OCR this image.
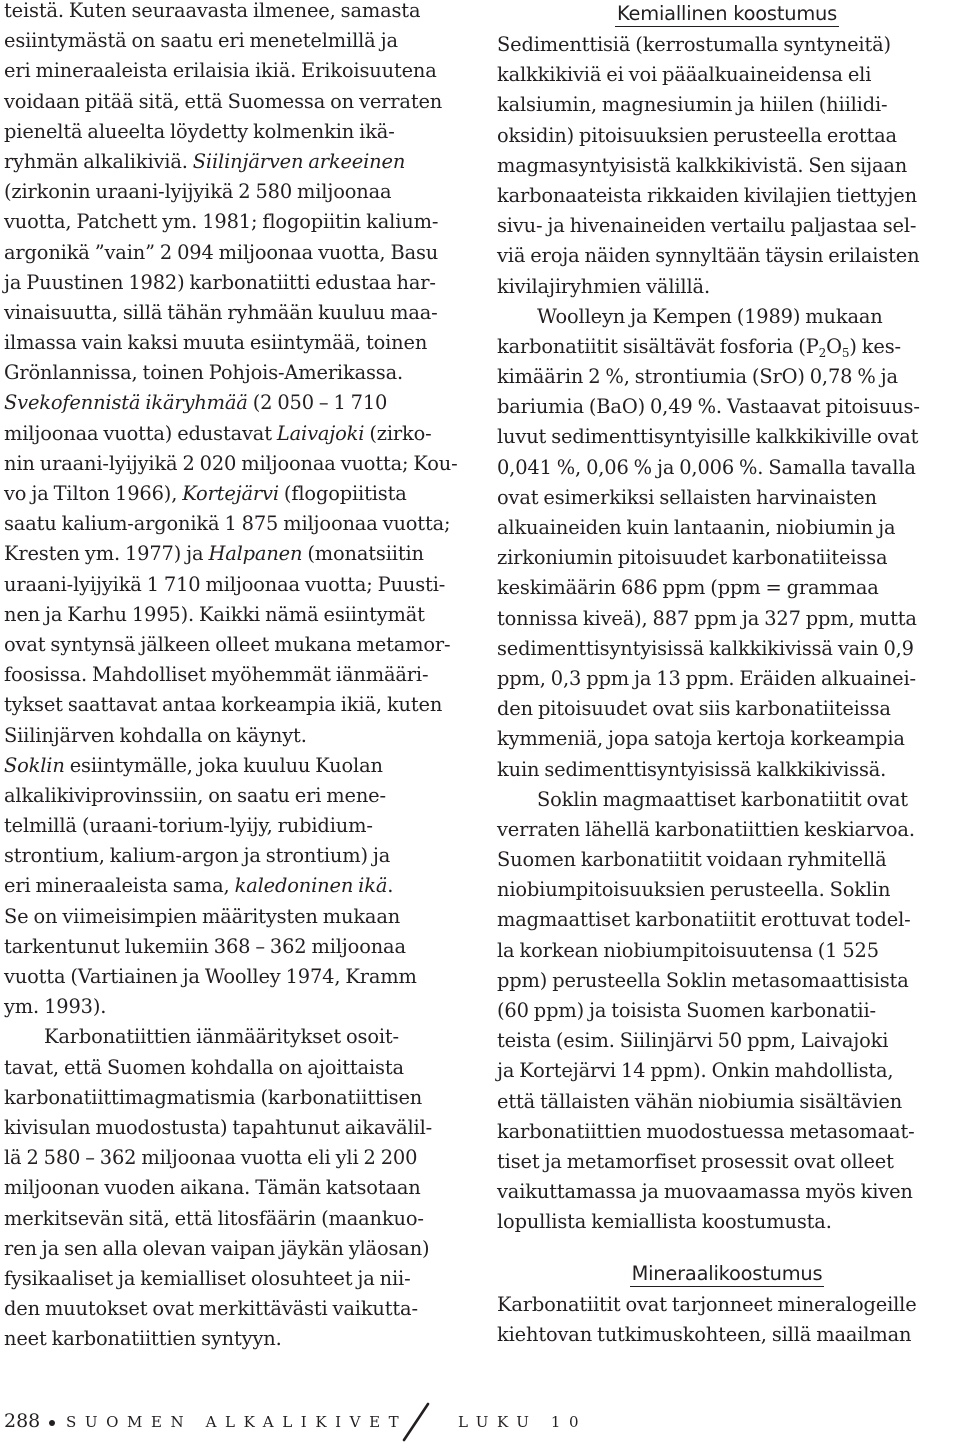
teistä. Kuten seuraavasta ilmenee, samasta
esiintymästä on saatu eri menetelmillä ja
eri mineraaleista erilaisia ikiä. Erikoisuutena
voidaan pitää sitä, että Suomessa on verraten
pieneltä alueelta löydetty kolmenkin ikä-
ryhmän alkalikiviä. Siilinjärven arkeeinen
(zirkonin uraani-lyijyikä 2 580 miljoonaa
vuotta, Patchett ym. 1981; flogopiitin kalium-
argonikä ”vain” 2 094 miljoonaa vuotta, Basu
ja Puustinen 1982) karbonatiitti edustaa har-
vinaisuutta, sillä tähän ryhmään kuuluu maa-
ilmassa vain kaksi muuta esiintymää, toinen
Grönlannissa, toinen Pohjois-Amerikassa.
Svekofennistä ikäryhmää (2 050 – 1 710
miljoonaa vuotta) edustavat Laivajoki (zirko-
nin uraani-lyijyikä 2 020 miljoonaa vuotta; Kou-
vo ja Tilton 1966), Kortejärvi (flogopiitista
saatu kalium-argonikä 1 875 miljoonaa vuotta;
Kresten ym. 1977) ja Halpanen (monatsiitin
uraani-lyijyikä 1 710 miljoonaa vuotta; Puusti-
nen ja Karhu 1995). Kaikki nämä esiintymät
ovat syntynsä jälkeen olleet mukana metamor-
foosissa. Mahdolliset myöhemmät iänmääri-
tykset saattavat antaa korkeampia ikiä, kuten
Siilinjärven kohdalla on käynyt.
Soklin esiintymälle, joka kuuluu Kuolan
alkalikiviprovinssiin, on saatu eri mene-
telmillä (uraani-torium-lyijy, rubidium-
strontium, kalium-argon ja strontium) ja
eri mineraaleista sama, kaledoninen ikä.
Se on viimeisimpien määritysten mukaan
tarkentunut lukemiin 368 – 362 miljoonaa
vuotta (Vartiainen ja Woolley 1974, Kramm
ym. 1993).
Karbonatiittien iänmääritykset osoit-
tavat, että Suomen kohdalla on ajoittaista
karbonatiittimagmatismia (karbonatiittisen
kivisulan muodostusta) tapahtunut aikavälil-
lä 2 580 – 362 miljoonaa vuotta eli yli 2 200
miljoonan vuoden aikana. Tämän katsotaan
merkitsevän sitä, että litosfäärin (maankuo-
ren ja sen alla olevan vaipan jäykän yläosan)
fysikaaliset ja kemialliset olosuhteet ja nii-
den muutokset ovat merkittävästi vaikutta-
neet karbonatiittien syntyyn.
Kemiallinen koostumus
Sedimenttisiä (kerrostumalla syntyneitä)
kalkkikiviä ei voi pääalkuaineidensa eli
kalsiumin, magnesiumin ja hiilen (hiilidi-
oksidin) pitoisuuksien perusteella erottaa
magmasyntyisistä kalkkikivistä. Sen sijaan
karbonaateista rikkaiden kivilajien tiettyjen
sivu- ja hivenaineiden vertailu paljastaa sel-
viä eroja näiden synnyltään täysin erilaisten
kivilajiryhmien välillä.
Woolleyn ja Kempen (1989) mukaan
karbonatiitit sisältävät fosforia $(P_2O_5)$ kes-
kimäärin 2 %, strontiumia (SrO) 0,78 % ja
bariumia (BaO) 0,49 %. Vastaavat pitoisuus-
luvut sedimenttisyntyisille kalkkikiville ovat
0,041 %, 0,06 % ja 0,006 %. Samalla tavalla
ovat esimerkiksi sellaisten harvinaisten
alkuaineiden kuin lantaanin, niobiumin ja
zirkoniumin pitoisuudet karbonatiiteissa
keskimäärin 686 ppm (ppm = grammaa
tonnissa kiveä), 887 ppm ja 327 ppm, mutta
sedimenttisyntyisissä kalkkikivissä vain 0,9
ppm, 0,3 ppm ja 13 ppm. Eräiden alkuainei-
den pitoisuudet ovat siis karbonatiiteissa
kymmeniä, jopa satoja kertoja korkeampia
kuin sedimenttisyntyisissä kalkkikivissä.
Soklin magmaattiset karbonatiitit ovat
verraten lähellä karbonatiittien keskiarvoa.
Suomen karbonatiitit voidaan ryhmitellä
niobiumpitoisuuksien perusteella. Soklin
magmaattiset karbonatiitit erottuvat todel-
la korkean niobiumpitoisuutensa (1 525
ppm) perusteella Soklin metasomaattisista
(60 ppm) ja toisista Suomen karbonatii-
teista (esim. Siilinjärvi 50 ppm, Laivajoki
ja Kortejärvi 14 ppm). Onkin mahdollista,
että tällaisten vähän niobiumia sisältävien
karbonatiittien muodostuessa metasomaat-
tiset ja metamorfiset prosessit ovat olleet
vaikuttamassa ja muovaamassa myös kiven
lopullista kemiallista koostumusta.
Mineraalikoostumus
Karbonatiitit ovat tarjonneet mineralogeille
kiehtovan tutkimuskohteen, sillä maailman
288 SUOMEN ALKALIKIVET	LUKU 10
